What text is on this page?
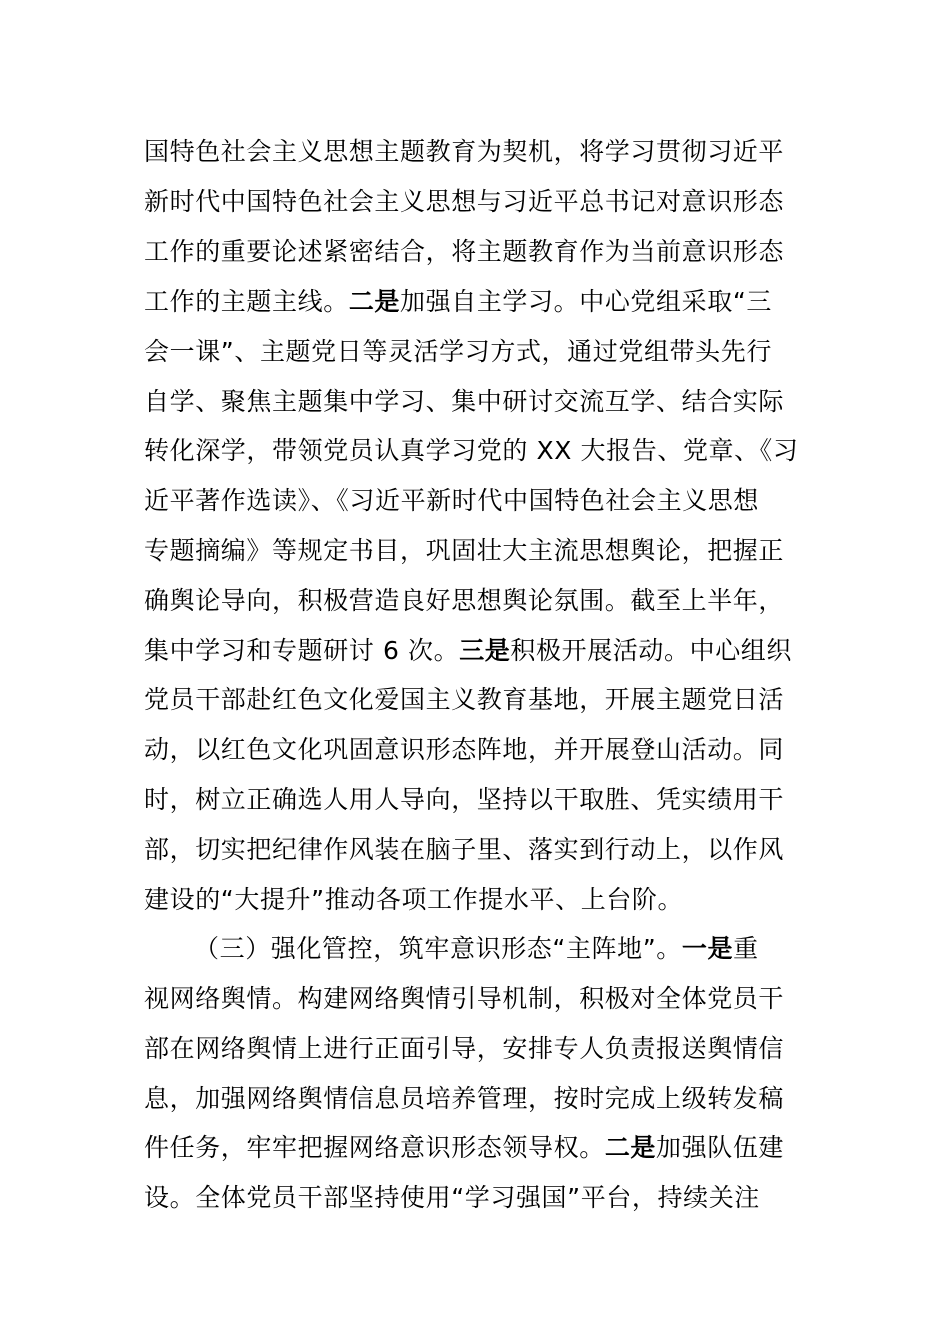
国特色社会主义思想主题教育为契机，将学习贯彻习近平
新时代中国特色社会主义思想与习近平总书记对意识形态
工作的重要论述紧密结合，将主题教育作为当前意识形态
工作的主题主线。二是加强自主学习。中心党组采取“三
会一课”、主题党日等灵活学习方式，通过党组带头先行
自学、聚焦主题集中学习、集中研讨交流互学、结合实际
转化深学，带领党员认真学习党的 XX 大报告、党章、《习
近平著作选读》、《习近平新时代中国特色社会主义思想
专题摘编》等规定书目，巩固壮大主流思想舆论，把握正
确舆论导向，积极营造良好思想舆论氛围。截至上半年，
集中学习和专题研讨 6 次。三是积极开展活动。中心组织
党员干部赴红色文化爱国主义教育基地，开展主题党日活
动，以红色文化巩固意识形态阵地，并开展登山活动。同
时，树立正确选人用人导向，坚持以干取胜、凭实绩用干
部，切实把纪律作风装在脑子里、落实到行动上，以作风
建设的“大提升”推动各项工作提水平、上台阶。
（三）强化管控，筑牢意识形态“主阵地”。一是重
视网络舆情。构建网络舆情引导机制，积极对全体党员干
部在网络舆情上进行正面引导，安排专人负责报送舆情信
息，加强网络舆情信息员培养管理，按时完成上级转发稿
件任务，牢牢把握网络意识形态领导权。二是加强队伍建
设。全体党员干部坚持使用“学习强国”平台，持续关注
